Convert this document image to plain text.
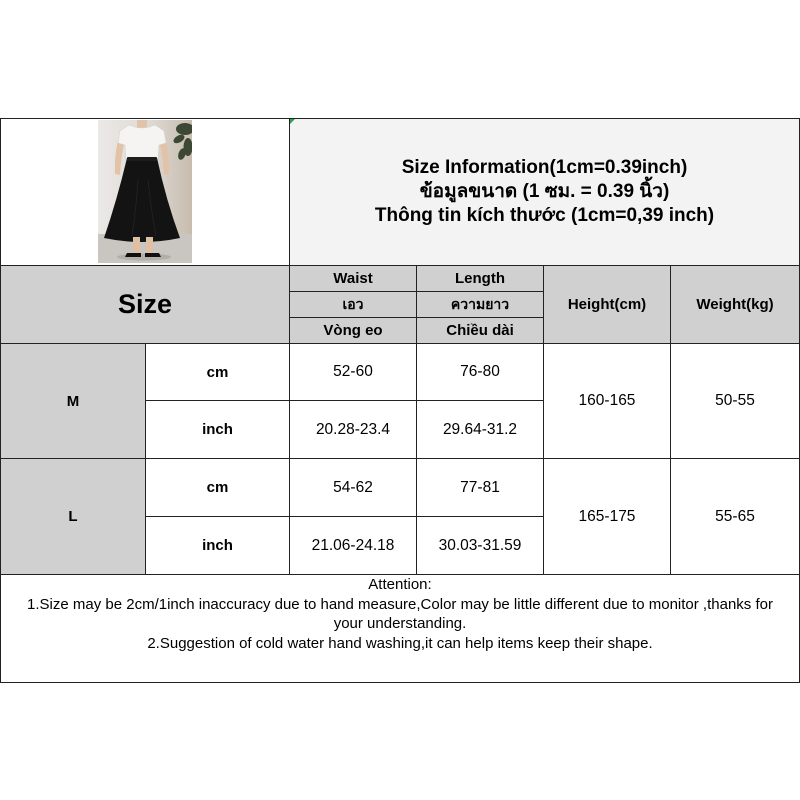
Size Information(1cm=0.39inch)
ข้อมูลขนาด (1 ซม. = 0.39 นิ้ว)
Thông tin kích thước (1cm=0,39 inch)
Size
Waist
เอว
Vòng eo
Length
ความยาว
Chiều dài
Height(cm)	Weight(kg)
M
cm	52-60	76-80
inch	20.28-23.4	29.64-31.2
160-165	50-55
L
cm	54-62	77-81
inch	21.06-24.18	30.03-31.59
165-175	55-65
Attention:
1.Size may be 2cm/1inch inaccuracy due to hand measure,Color may be little different due to monitor ,thanks for
your understanding.
2.Suggestion of cold water hand washing,it can help items keep their shape.
